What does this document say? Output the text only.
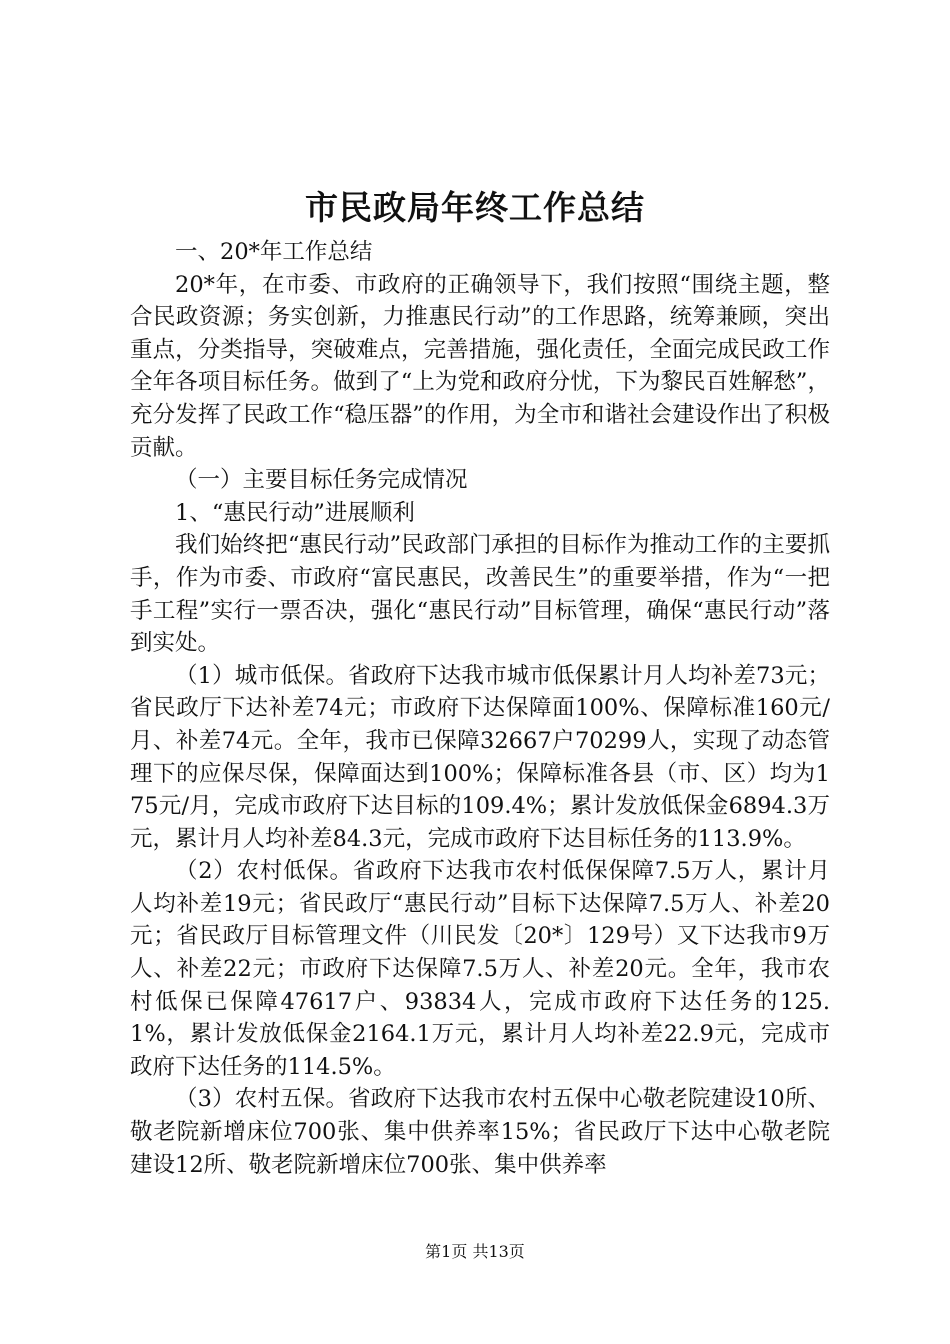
市民政局年终工作总结

一、20*年工作总结

20*年，在市委、市政府的正确领导下，我们按照“围绕主题，整合民政资源；务实创新，力推惠民行动”的工作思路，统筹兼顾，突出重点，分类指导，突破难点，完善措施，强化责任，全面完成民政工作全年各项目标任务。做到了“上为党和政府分忧，下为黎民百姓解愁”，充分发挥了民政工作“稳压器”的作用，为全市和谐社会建设作出了积极贡献。

（一）主要目标任务完成情况

1、“惠民行动”进展顺利

我们始终把“惠民行动”民政部门承担的目标作为推动工作的主要抓手，作为市委、市政府“富民惠民，改善民生”的重要举措，作为“一把手工程”实行一票否决，强化“惠民行动”目标管理，确保“惠民行动”落到实处。

（1）城市低保。省政府下达我市城市低保累计月人均补差73元；省民政厅下达补差74元；市政府下达保障面100%、保障标准160元/月、补差74元。全年，我市已保障32667户70299人，实现了动态管理下的应保尽保，保障面达到100%；保障标准各县（市、区）均为175元/月，完成市政府下达目标的109.4%；累计发放低保金6894.3万元，累计月人均补差84.3元，完成市政府下达目标任务的113.9%。

（2）农村低保。省政府下达我市农村低保保障7.5万人，累计月人均补差19元；省民政厅“惠民行动”目标下达保障7.5万人、补差20元；省民政厅目标管理文件（川民发〔20*〕129号）又下达我市9万人、补差22元；市政府下达保障7.5万人、补差20元。全年，我市农村低保已保障47617户、93834人，完成市政府下达任务的125.1%，累计发放低保金2164.1万元，累计月人均补差22.9元，完成市政府下达任务的114.5%。

（3）农村五保。省政府下达我市农村五保中心敬老院建设10所、敬老院新增床位700张、集中供养率15%；省民政厅下达中心敬老院建设12所、敬老院新增床位700张、集中供养率

第1页 共13页
